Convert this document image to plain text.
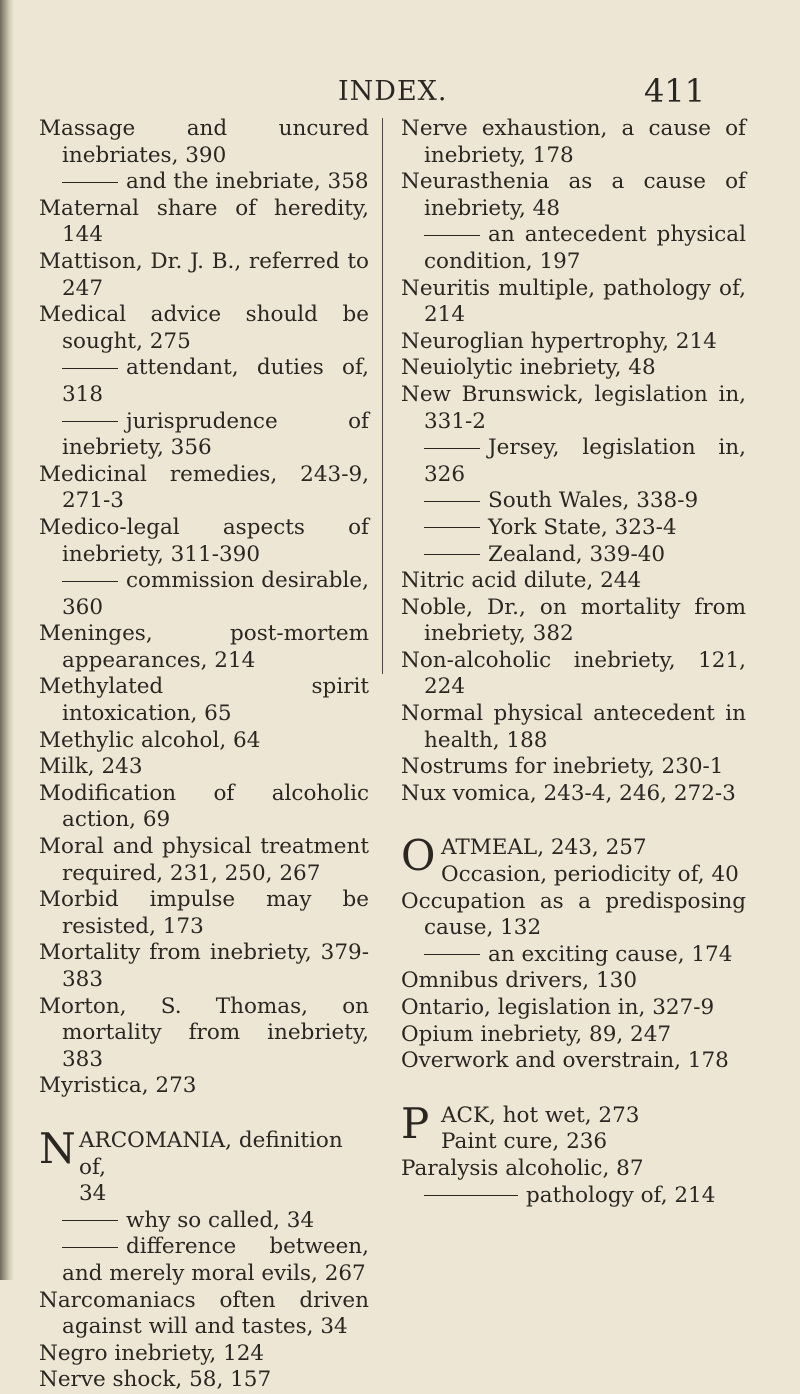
INDEX.	411
Massage and uncured inebriates, 390
and the inebriate, 358
Maternal share of heredity, 144
Mattison, Dr. J. B., referred to 247
Medical advice should be sought, 275
attendant, duties of, 318
jurisprudence of inebriety, 356
Medicinal remedies, 243-9, 271-3
Medico-legal aspects of inebriety, 311-390
commission desirable, 360
Meninges, post-mortem appearances, 214
Methylated spirit intoxication, 65
Methylic alcohol, 64
Milk, 243
Modification of alcoholic action, 69
Moral and physical treatment required, 231, 250, 267
Morbid impulse may be resisted, 173
Mortality from inebriety, 379-383
Morton, S. Thomas, on mortality from inebriety, 383
Myristica, 273
N ARCOMANIA, definition of,
34
why so called, 34
difference between, and merely moral evils, 267
Narcomaniacs often driven against will and tastes, 34
Negro inebriety, 124
Nerve shock, 58, 157
Nerve exhaustion, a cause of inebriety, 178
Neurasthenia as a cause of inebriety, 48
an antecedent physical condition, 197
Neuritis multiple, pathology of, 214
Neuroglian hypertrophy, 214
Neuiolytic inebriety, 48
New Brunswick, legislation in, 331-2
Jersey, legislation in, 326
South Wales, 338-9
York State, 323-4
Zealand, 339-40
Nitric acid dilute, 244
Noble, Dr., on mortality from inebriety, 382
Non-alcoholic inebriety, 121, 224
Normal physical antecedent in health, 188
Nostrums for inebriety, 230-1
Nux vomica, 243-4, 246, 272-3
O ATMEAL, 243, 257
Occasion, periodicity of, 40
Occupation as a predisposing cause, 132
an exciting cause, 174
Omnibus drivers, 130
Ontario, legislation in, 327-9
Opium inebriety, 89, 247
Overwork and overstrain, 178
P ACK, hot wet, 273
Paint cure, 236
Paralysis alcoholic, 87
pathology of, 214
